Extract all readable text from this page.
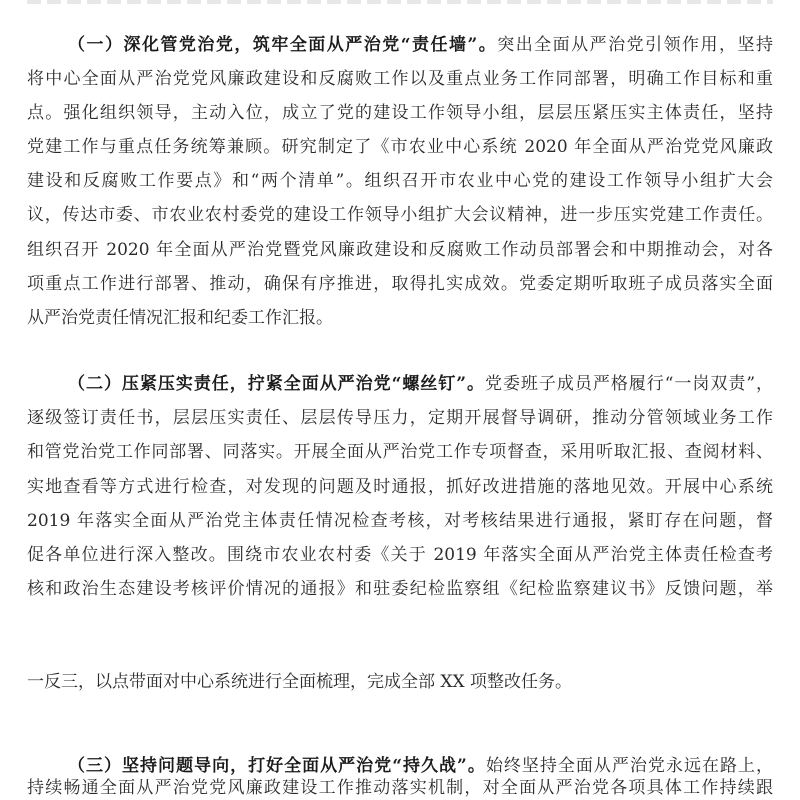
（一）深化管党治党，筑牢全面从严治党“责任墙”。突出全面从严治党引领作用，坚持
将中心全面从严治党党风廉政建设和反腐败工作以及重点业务工作同部署，明确工作目标和重
点。强化组织领导，主动入位，成立了党的建设工作领导小组，层层压紧压实主体责任，坚持
党建工作与重点任务统筹兼顾。研究制定了《市农业中心系统 2020 年全面从严治党党风廉政
建设和反腐败工作要点》和“两个清单”。组织召开市农业中心党的建设工作领导小组扩大会
议，传达市委、市农业农村委党的建设工作领导小组扩大会议精神，进一步压实党建工作责任。
组织召开 2020 年全面从严治党暨党风廉政建设和反腐败工作动员部署会和中期推动会，对各
项重点工作进行部署、推动，确保有序推进，取得扎实成效。党委定期听取班子成员落实全面
从严治党责任情况汇报和纪委工作汇报。
（二）压紧压实责任，拧紧全面从严治党“螺丝钉”。党委班子成员严格履行“一岗双责”，
逐级签订责任书，层层压实责任、层层传导压力，定期开展督导调研，推动分管领域业务工作
和管党治党工作同部署、同落实。开展全面从严治党工作专项督查，采用听取汇报、查阅材料、
实地查看等方式进行检查，对发现的问题及时通报，抓好改进措施的落地见效。开展中心系统
2019 年落实全面从严治党主体责任情况检查考核，对考核结果进行通报，紧盯存在问题，督
促各单位进行深入整改。围绕市农业农村委《关于 2019 年落实全面从严治党主体责任检查考
核和政治生态建设考核评价情况的通报》和驻委纪检监察组《纪检监察建议书》反馈问题，举
一反三，以点带面对中心系统进行全面梳理，完成全部 XX 项整改任务。
（三）坚持问题导向，打好全面从严治党“持久战”。始终坚持全面从严治党永远在路上，
持续畅通全面从严治党党风廉政建设工作推动落实机制，对全面从严治党各项具体工作持续跟
